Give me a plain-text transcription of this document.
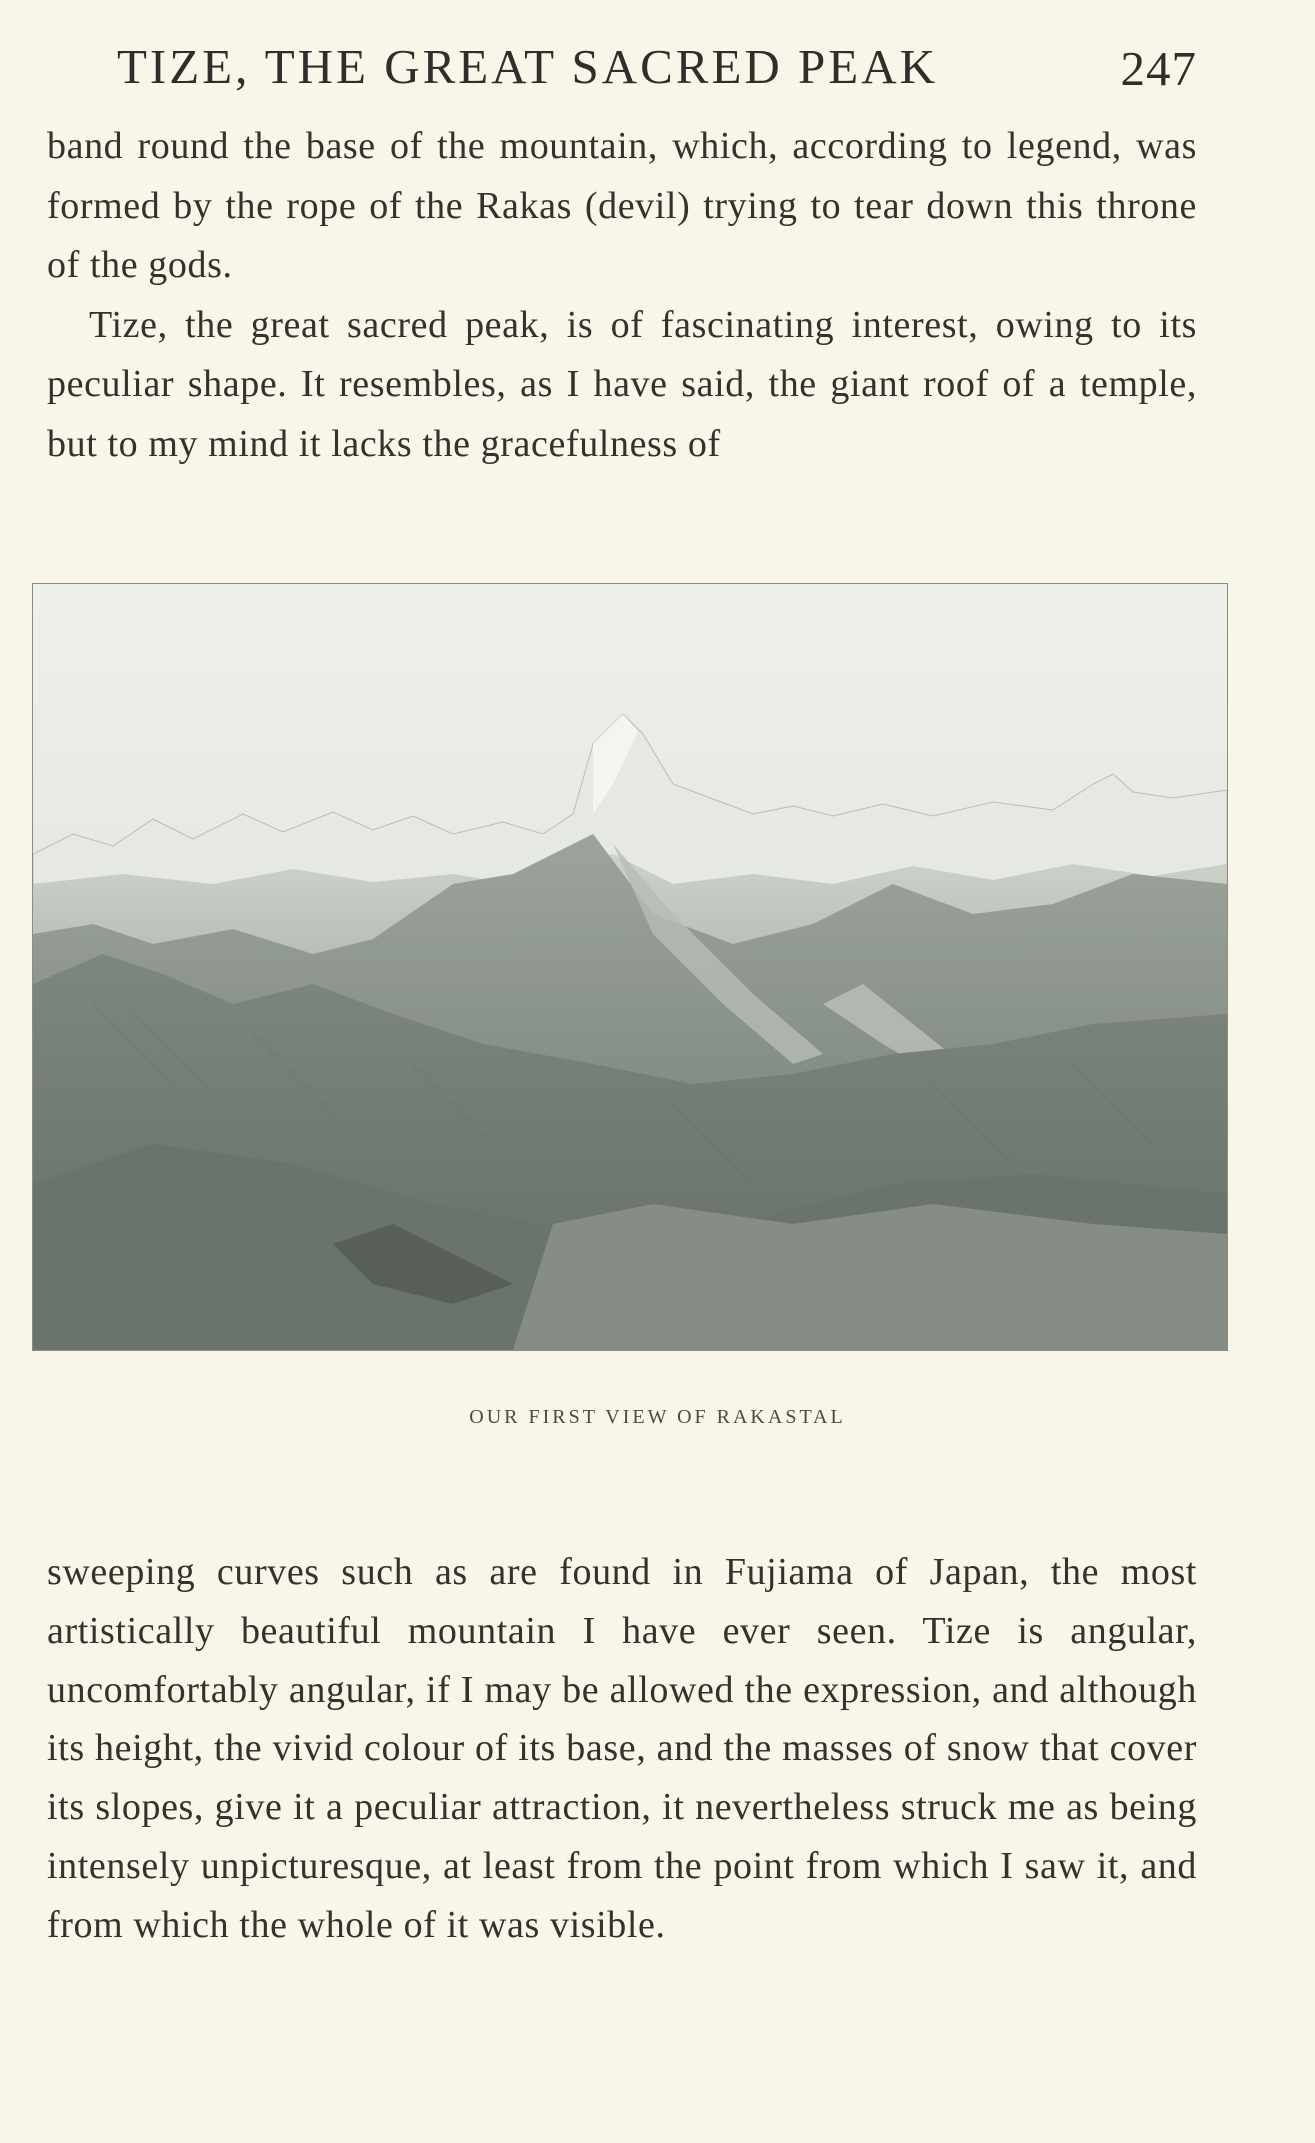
TIZE, THE GREAT SACRED PEAK	247
band round the base of the mountain, which, according to legend, was formed by the rope of the Rakas (devil) trying to tear down this throne of the gods.
Tize, the great sacred peak, is of fascinating interest, owing to its peculiar shape. It resembles, as I have said, the giant roof of a temple, but to my mind it lacks the gracefulness of
OUR FIRST VIEW OF RAKASTAL
sweeping curves such as are found in Fujiama of Japan, the most artistically beautiful mountain I have ever seen. Tize is angular, uncomfortably angular, if I may be allowed the expression, and although its height, the vivid colour of its base, and the masses of snow that cover its slopes, give it a peculiar attraction, it nevertheless struck me as being intensely unpicturesque, at least from the point from which I saw it, and from which the whole of it was visible.
